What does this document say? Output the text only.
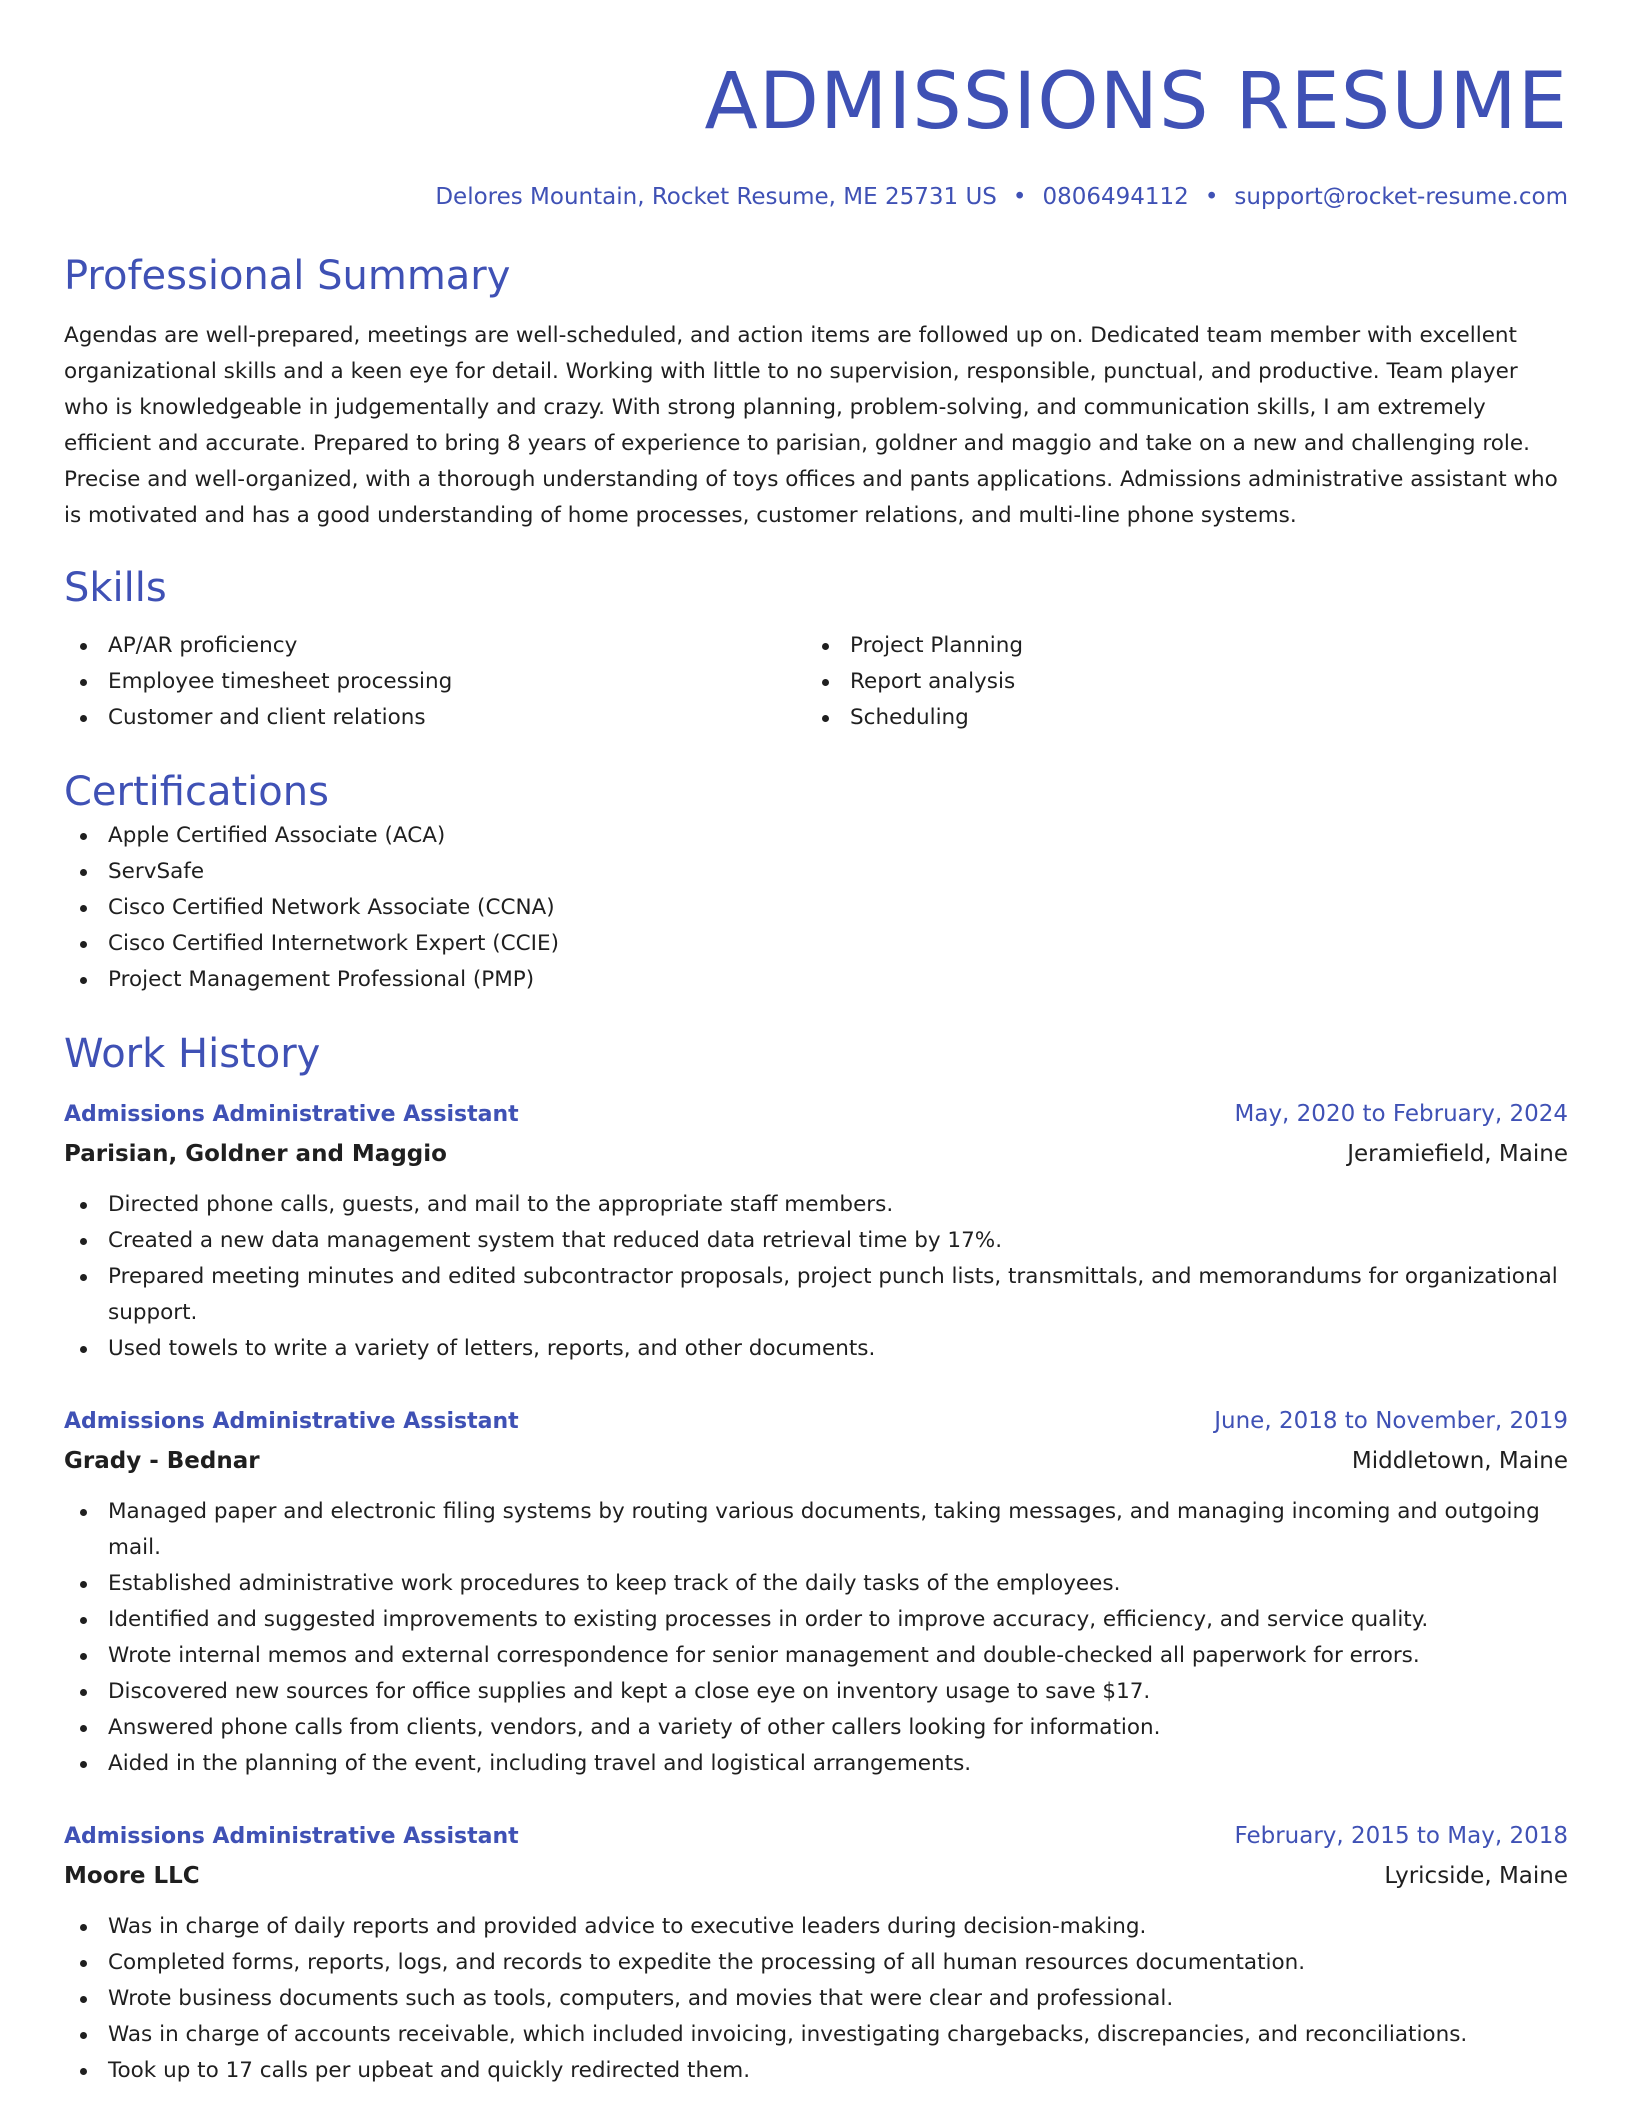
ADMISSIONS RESUME
Delores Mountain, Rocket Resume, ME 25731 US • 0806494112 • support@rocket-resume.com
Professional Summary

Agendas are well-prepared, meetings are well-scheduled, and action items are followed up on. Dedicated team member with excellent organizational skills and a keen eye for detail. Working with little to no supervision, responsible, punctual, and productive. Team player who is knowledgeable in judgementally and crazy. With strong planning, problem-solving, and communication skills, I am extremely efficient and accurate. Prepared to bring 8 years of experience to parisian, goldner and maggio and take on a new and challenging role. Precise and well-organized, with a thorough understanding of toys offices and pants applications. Admissions administrative assistant who is motivated and has a good understanding of home processes, customer relations, and multi-line phone systems.

Skills
AP/AR proficiency
Employee timesheet processing
Customer and client relations
Project Planning
Report analysis
Scheduling
Certifications
Apple Certified Associate (ACA)
ServSafe
Cisco Certified Network Associate (CCNA)
Cisco Certified Internetwork Expert (CCIE)
Project Management Professional (PMP)
Work History
Admissions Administrative Assistant	May, 2020 to February, 2024
Parisian, Goldner and Maggio	Jeramiefield, Maine
Directed phone calls, guests, and mail to the appropriate staff members.
Created a new data management system that reduced data retrieval time by 17%.
Prepared meeting minutes and edited subcontractor proposals, project punch lists, transmittals, and memorandums for organizational support.
Used towels to write a variety of letters, reports, and other documents.
Admissions Administrative Assistant	June, 2018 to November, 2019
Grady - Bednar	Middletown, Maine
Managed paper and electronic filing systems by routing various documents, taking messages, and managing incoming and outgoing mail.
Established administrative work procedures to keep track of the daily tasks of the employees.
Identified and suggested improvements to existing processes in order to improve accuracy, efficiency, and service quality.
Wrote internal memos and external correspondence for senior management and double-checked all paperwork for errors.
Discovered new sources for office supplies and kept a close eye on inventory usage to save $17.
Answered phone calls from clients, vendors, and a variety of other callers looking for information.
Aided in the planning of the event, including travel and logistical arrangements.
Admissions Administrative Assistant	February, 2015 to May, 2018
Moore LLC	Lyricside, Maine
Was in charge of daily reports and provided advice to executive leaders during decision-making.
Completed forms, reports, logs, and records to expedite the processing of all human resources documentation.
Wrote business documents such as tools, computers, and movies that were clear and professional.
Was in charge of accounts receivable, which included invoicing, investigating chargebacks, discrepancies, and reconciliations.
Took up to 17 calls per upbeat and quickly redirected them.
